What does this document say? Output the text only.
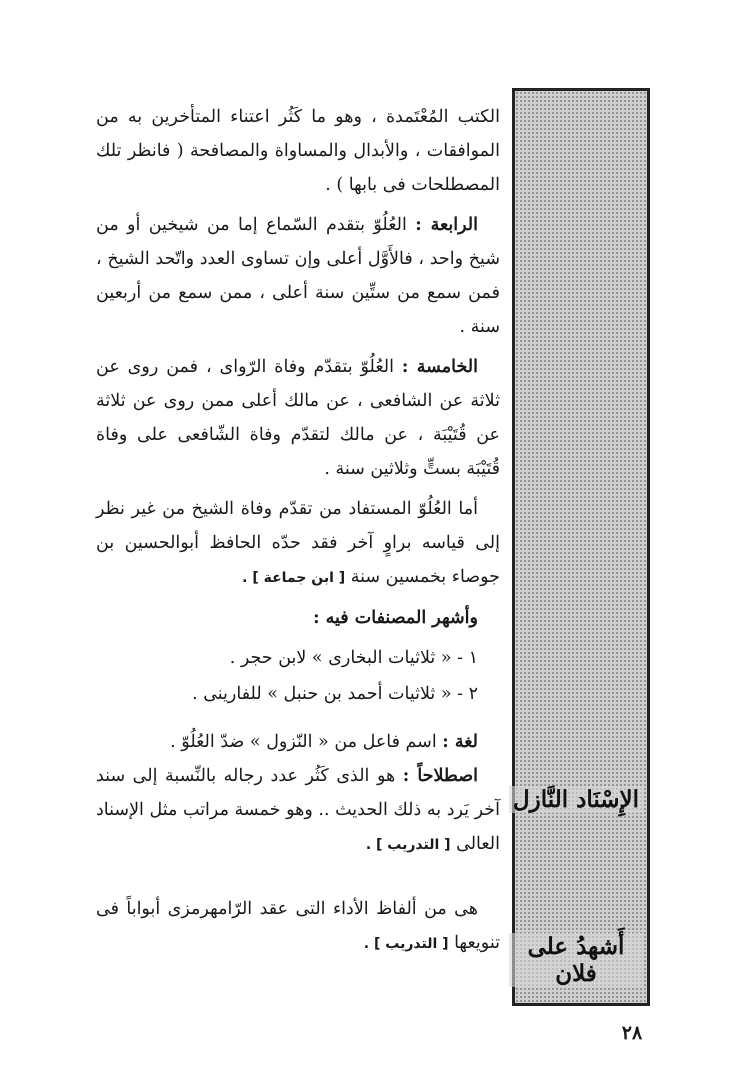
الإِسْنَاد النَّازل
أَشهدُ على فلان

الكتب المُعْتَمدة ، وهو ما كَثُر اعتناء المتأخرين به من الموافقات ، والأبدال والمساواة والمصافحة ( فانظر تلك المصطلحات فى بابها ) .

الرابعة : العُلُوّ بتقدم السّماع إما من شيخين أو من شيخ واحد ، فالأَوَّل أعلى وإن تساوى العدد واتّحد الشيخ ، فمن سمع من ستِّين سنة أعلى ، ممن سمع من أربعين سنة .

الخامسة : العُلُوّ بتقدّم وفاة الرّواى ، فمن روى عن ثلاثة عن الشافعى ، عن مالك أعلى ممن روى عن ثلاثة عن قُتَيْبَة ، عن مالك لتقدّم وفاة الشّافعى على وفاة قُتَيْبَة بستٍّ وثلاثين سنة .

أما العُلُوّ المستفاد من تقدّم وفاة الشيخ من غير نظر إلى قياسه براوٍ آخر فقد حدّه الحافظ أبوالحسين بن جوصاء بخمسين سنة [ ابن جماعة ] .

وأشهر المصنفات فيه :

١ - « ثلاثيات البخارى » لابن حجر .
٢ - « ثلاثيات أحمد بن حنبل » للفارينى .

لغة : اسم فاعل من « النّزول » ضدّ العُلُوّ .

اصطلاحاً : هو الذى كَثُر عدد رجاله بالنِّسبة إلى سند آخر يَرد به ذلك الحديث .. وهو خمسة مراتب مثل الإسناد العالى [ التدريب ] .

هى من ألفاظ الأداء التى عقد الرّامهرمزى أبواباً فى تنويعها [ التدريب ] .

٢٨
